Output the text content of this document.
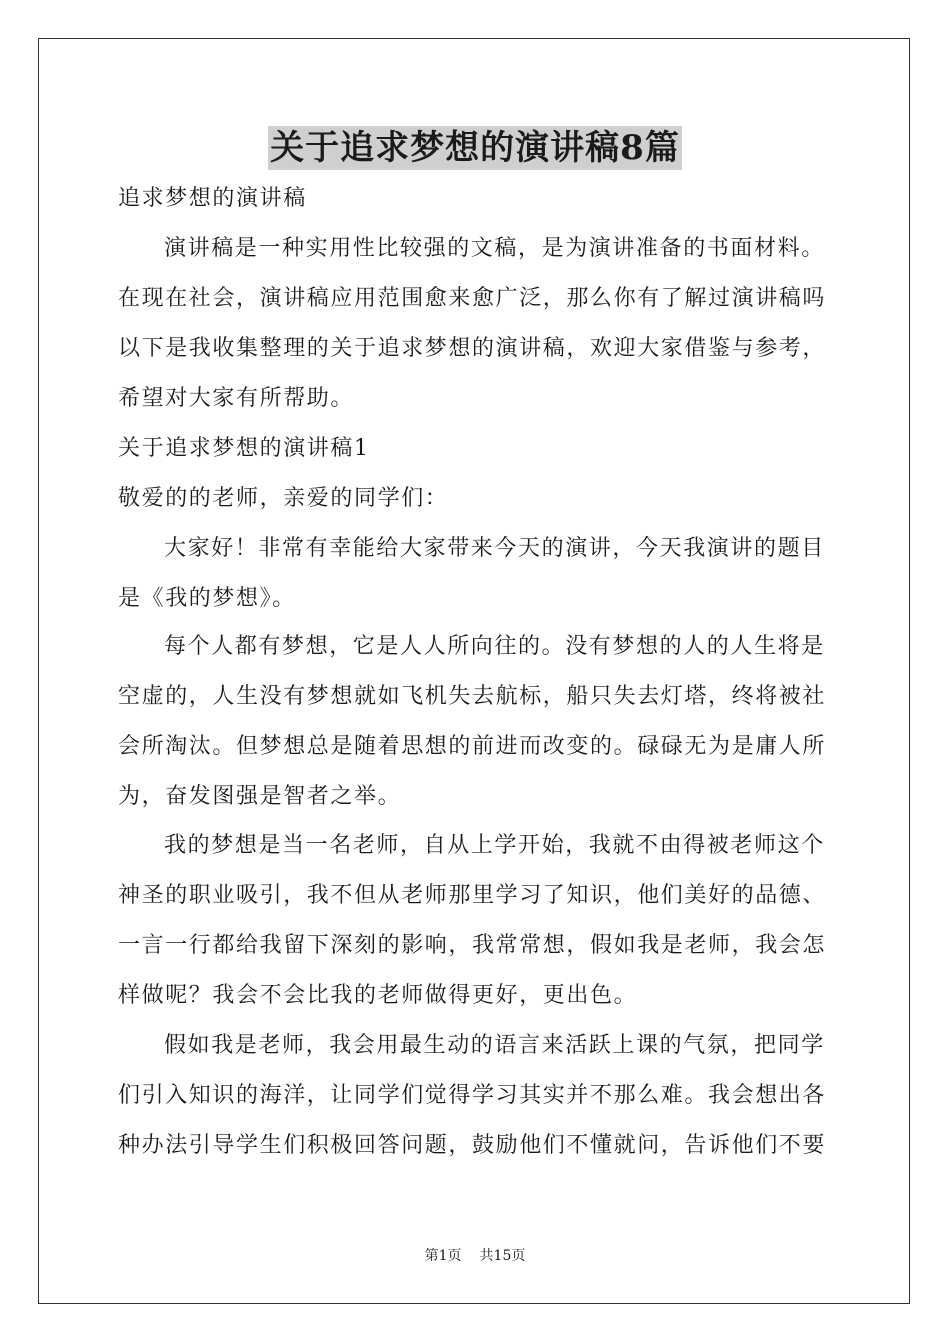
关于追求梦想的演讲稿8篇
追求梦想的演讲稿
演讲稿是一种实用性比较强的文稿，是为演讲准备的书面材料。
在现在社会，演讲稿应用范围愈来愈广泛，那么你有了解过演讲稿吗
以下是我收集整理的关于追求梦想的演讲稿，欢迎大家借鉴与参考，
希望对大家有所帮助。
关于追求梦想的演讲稿1
敬爱的的老师，亲爱的同学们：
大家好！非常有幸能给大家带来今天的演讲，今天我演讲的题目
是《我的梦想》。
每个人都有梦想，它是人人所向往的。没有梦想的人的人生将是
空虚的，人生没有梦想就如飞机失去航标，船只失去灯塔，终将被社
会所淘汰。但梦想总是随着思想的前进而改变的。碌碌无为是庸人所
为，奋发图强是智者之举。
我的梦想是当一名老师，自从上学开始，我就不由得被老师这个
神圣的职业吸引，我不但从老师那里学习了知识，他们美好的品德、
一言一行都给我留下深刻的影响，我常常想，假如我是老师，我会怎
样做呢？我会不会比我的老师做得更好，更出色。
假如我是老师，我会用最生动的语言来活跃上课的气氛，把同学
们引入知识的海洋，让同学们觉得学习其实并不那么难。我会想出各
种办法引导学生们积极回答问题，鼓励他们不懂就问，告诉他们不要
第1页 共15页
